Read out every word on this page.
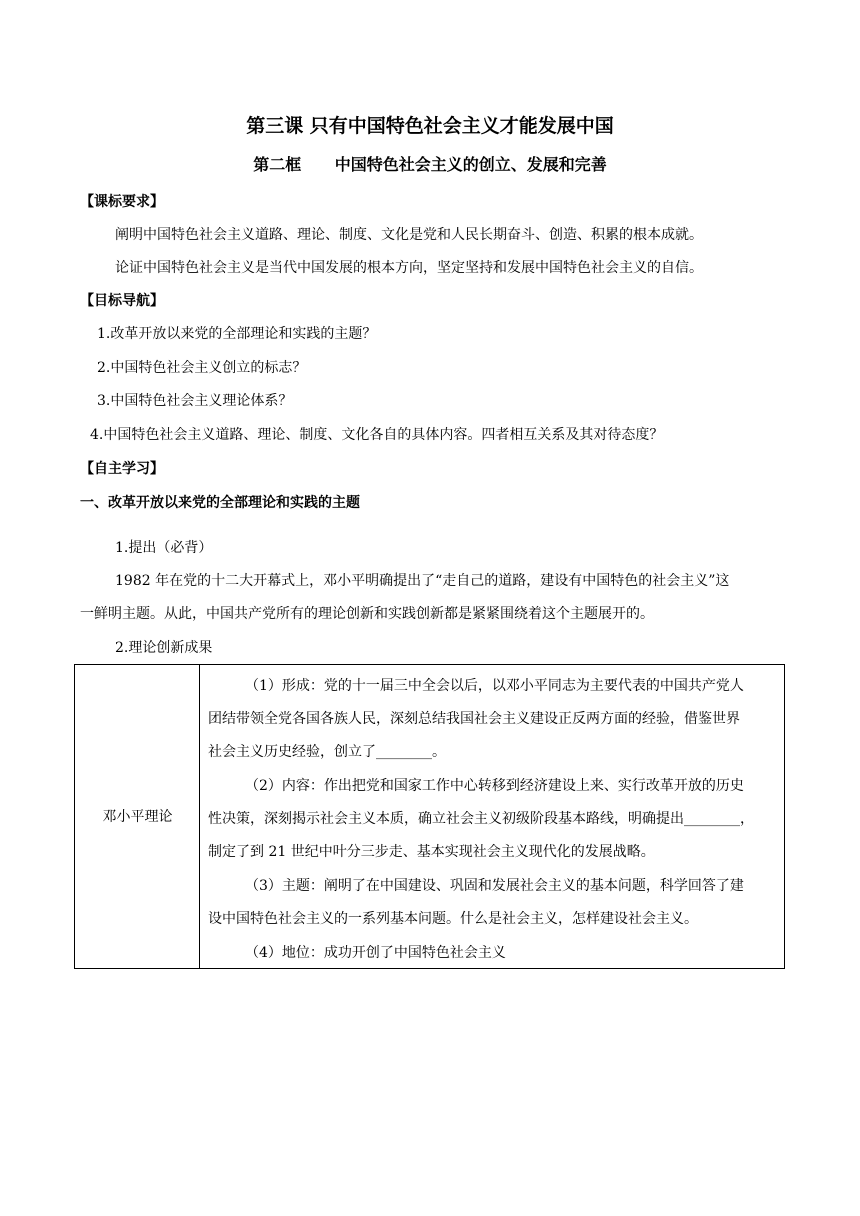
第三课 只有中国特色社会主义才能发展中国
第二框      中国特色社会主义的创立、发展和完善
【课标要求】
阐明中国特色社会主义道路、理论、制度、文化是党和人民长期奋斗、创造、积累的根本成就。
论证中国特色社会主义是当代中国发展的根本方向，坚定坚持和发展中国特色社会主义的自信。
【目标导航】
1.改革开放以来党的全部理论和实践的主题？
2.中国特色社会主义创立的标志？
3.中国特色社会主义理论体系？
4.中国特色社会主义道路、理论、制度、文化各自的具体内容。四者相互关系及其对待态度？
【自主学习】
一、改革开放以来党的全部理论和实践的主题
1.提出（必背）
1982 年在党的十二大开幕式上，邓小平明确提出了“走自己的道路，建设有中国特色的社会主义”这
一鲜明主题。从此，中国共产党所有的理论创新和实践创新都是紧紧围绕着这个主题展开的。
2.理论创新成果
邓小平理论
（1）形成：党的十一届三中全会以后，以邓小平同志为主要代表的中国共产党人
团结带领全党各国各族人民，深刻总结我国社会主义建设正反两方面的经验，借鉴世界
社会主义历史经验，创立了________。
（2）内容：作出把党和国家工作中心转移到经济建设上来、实行改革开放的历史
性决策，深刻揭示社会主义本质，确立社会主义初级阶段基本路线，明确提出________，
制定了到 21 世纪中叶分三步走、基本实现社会主义现代化的发展战略。
（3）主题：阐明了在中国建设、巩固和发展社会主义的基本问题，科学回答了建
设中国特色社会主义的一系列基本问题。什么是社会主义，怎样建设社会主义。
（4）地位：成功开创了中国特色社会主义
